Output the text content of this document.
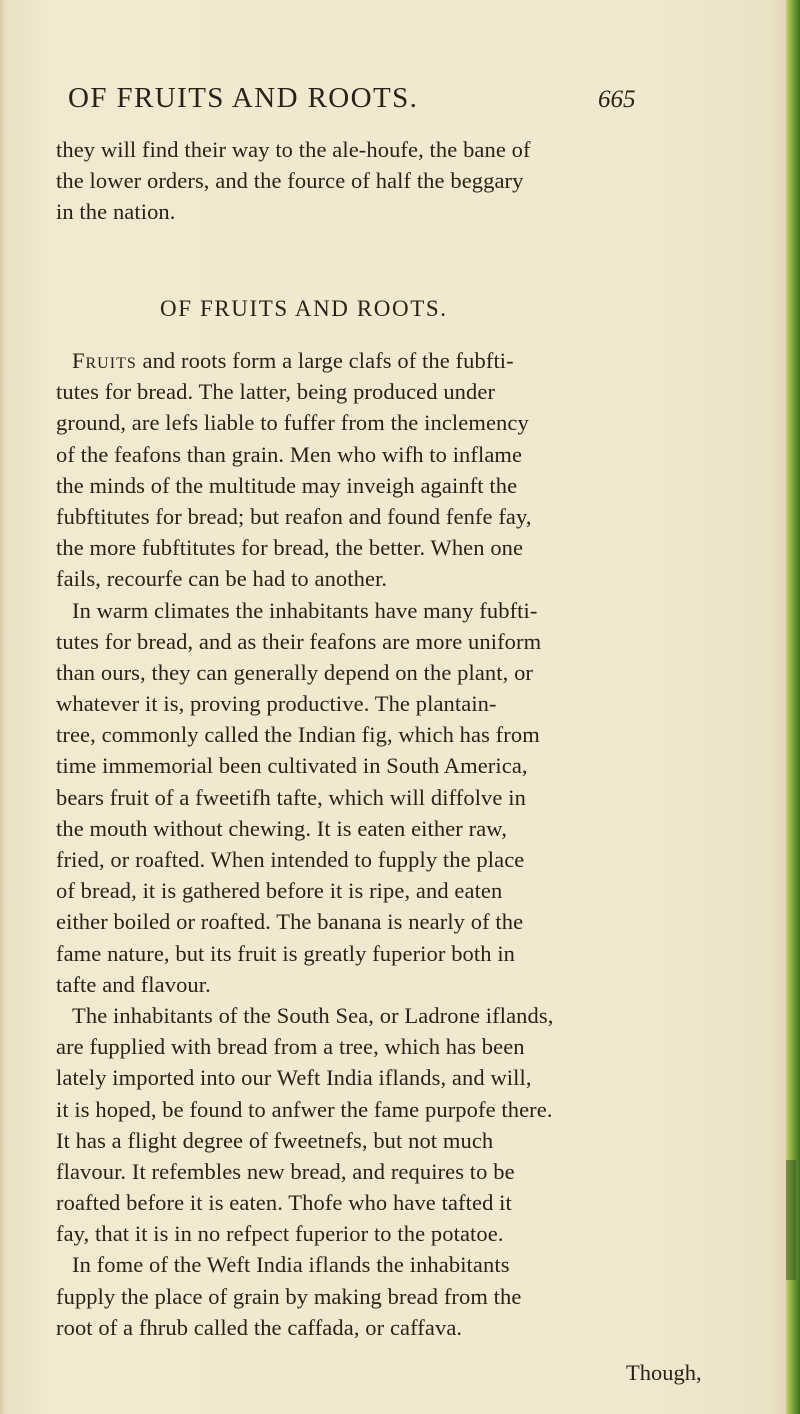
OF FRUITS AND ROOTS.	665
they will find their way to the ale-houfe, the bane of
the lower orders, and the fource of half the beggary
in the nation.
OF FRUITS AND ROOTS.
Fruits and roots form a large clafs of the fubfti-
tutes for bread. The latter, being produced under
ground, are lefs liable to fuffer from the inclemency
of the feafons than grain. Men who wifh to inflame
the minds of the multitude may inveigh againft the
fubftitutes for bread; but reafon and found fenfe fay,
the more fubftitutes for bread, the better. When one
fails, recourfe can be had to another.
In warm climates the inhabitants have many fubfti-
tutes for bread, and as their feafons are more uniform
than ours, they can generally depend on the plant, or
whatever it is, proving productive. The plantain-
tree, commonly called the Indian fig, which has from
time immemorial been cultivated in South America,
bears fruit of a fweetifh tafte, which will diffolve in
the mouth without chewing. It is eaten either raw,
fried, or roafted. When intended to fupply the place
of bread, it is gathered before it is ripe, and eaten
either boiled or roafted. The banana is nearly of the
fame nature, but its fruit is greatly fuperior both in
tafte and flavour.
The inhabitants of the South Sea, or Ladrone iflands,
are fupplied with bread from a tree, which has been
lately imported into our Weft India iflands, and will,
it is hoped, be found to anfwer the fame purpofe there.
It has a flight degree of fweetnefs, but not much
flavour. It refembles new bread, and requires to be
roafted before it is eaten. Thofe who have tafted it
fay, that it is in no refpect fuperior to the potatoe.
In fome of the Weft India iflands the inhabitants
fupply the place of grain by making bread from the
root of a fhrub called the caffada, or caffava.
Though,
